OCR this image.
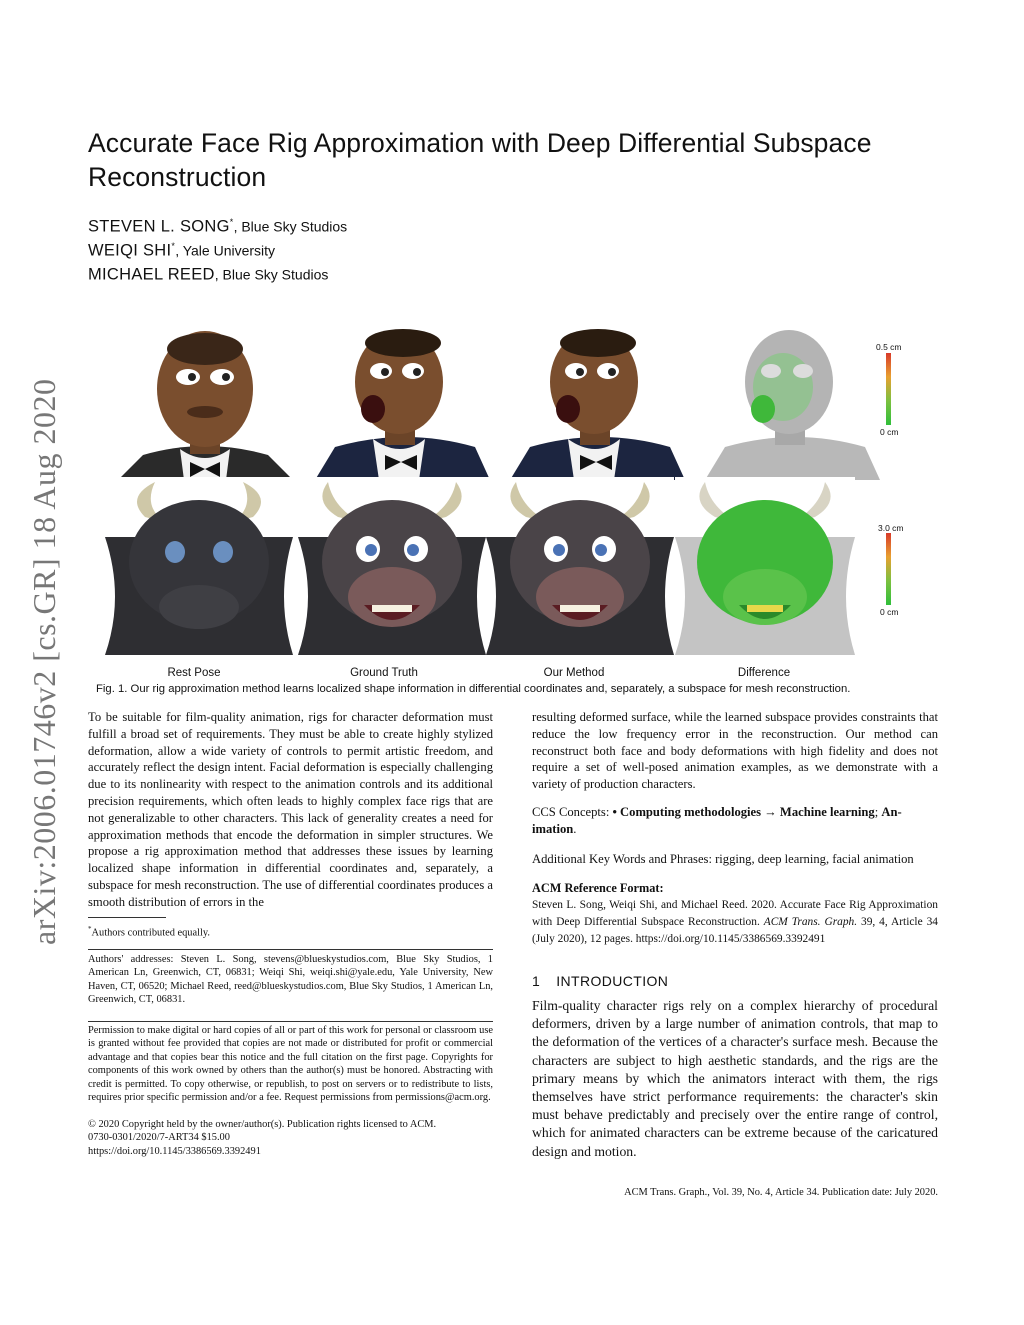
arXiv:2006.01746v2 [cs.GR] 18 Aug 2020
Accurate Face Rig Approximation with Deep Differential Subspace
Reconstruction
STEVEN L. SONG*, Blue Sky Studios
WEIQI SHI*, Yale University
MICHAEL REED, Blue Sky Studios
0.5 cm
0 cm
3.0 cm
0 cm
Rest Pose	Ground Truth	Our Method	Difference
Fig. 1. Our rig approximation method learns localized shape information in differential coordinates and, separately, a subspace for mesh reconstruction.
To be suitable for film-quality animation, rigs for character deformation must fulfill a broad set of requirements. They must be able to create highly stylized deformation, allow a wide variety of controls to permit artistic freedom, and accurately reflect the design intent. Facial deformation is especially challenging due to its nonlinearity with respect to the animation controls and its additional precision requirements, which often leads to highly complex face rigs that are not generalizable to other characters. This lack of generality creates a need for approximation methods that encode the deformation in simpler structures. We propose a rig approximation method that addresses these issues by learning localized shape information in differential coordinates and, separately, a subspace for mesh reconstruction. The use of differential coordinates produces a smooth distribution of errors in the
*Authors contributed equally.
Authors' addresses: Steven L. Song, stevens@blueskystudios.com, Blue Sky Studios, 1 American Ln, Greenwich, CT, 06831; Weiqi Shi, weiqi.shi@yale.edu, Yale University, New Haven, CT, 06520; Michael Reed, reed@blueskystudios.com, Blue Sky Studios, 1 American Ln, Greenwich, CT, 06831.
Permission to make digital or hard copies of all or part of this work for personal or classroom use is granted without fee provided that copies are not made or distributed for profit or commercial advantage and that copies bear this notice and the full citation on the first page. Copyrights for components of this work owned by others than the author(s) must be honored. Abstracting with credit is permitted. To copy otherwise, or republish, to post on servers or to redistribute to lists, requires prior specific permission and/or a fee. Request permissions from permissions@acm.org.
© 2020 Copyright held by the owner/author(s). Publication rights licensed to ACM.
0730-0301/2020/7-ART34 $15.00
https://doi.org/10.1145/3386569.3392491
resulting deformed surface, while the learned subspace provides constraints that reduce the low frequency error in the reconstruction. Our method can reconstruct both face and body deformations with high fidelity and does not require a set of well-posed animation examples, as we demonstrate with a variety of production characters.
CCS Concepts: • Computing methodologies → Machine learning; An-
imation.
Additional Key Words and Phrases: rigging, deep learning, facial animation
ACM Reference Format:
Steven L. Song, Weiqi Shi, and Michael Reed. 2020. Accurate Face Rig Approximation with Deep Differential Subspace Reconstruction. ACM Trans. Graph. 39, 4, Article 34 (July 2020), 12 pages. https://doi.org/10.1145/3386569.3392491
1 INTRODUCTION
Film-quality character rigs rely on a complex hierarchy of procedural deformers, driven by a large number of animation controls, that map to the deformation of the vertices of a character's surface mesh. Because the characters are subject to high aesthetic standards, and the rigs are the primary means by which the animators interact with them, the rigs themselves have strict performance requirements: the character's skin must behave predictably and precisely over the entire range of control, which for animated characters can be extreme because of the caricatured design and motion.
ACM Trans. Graph., Vol. 39, No. 4, Article 34. Publication date: July 2020.
